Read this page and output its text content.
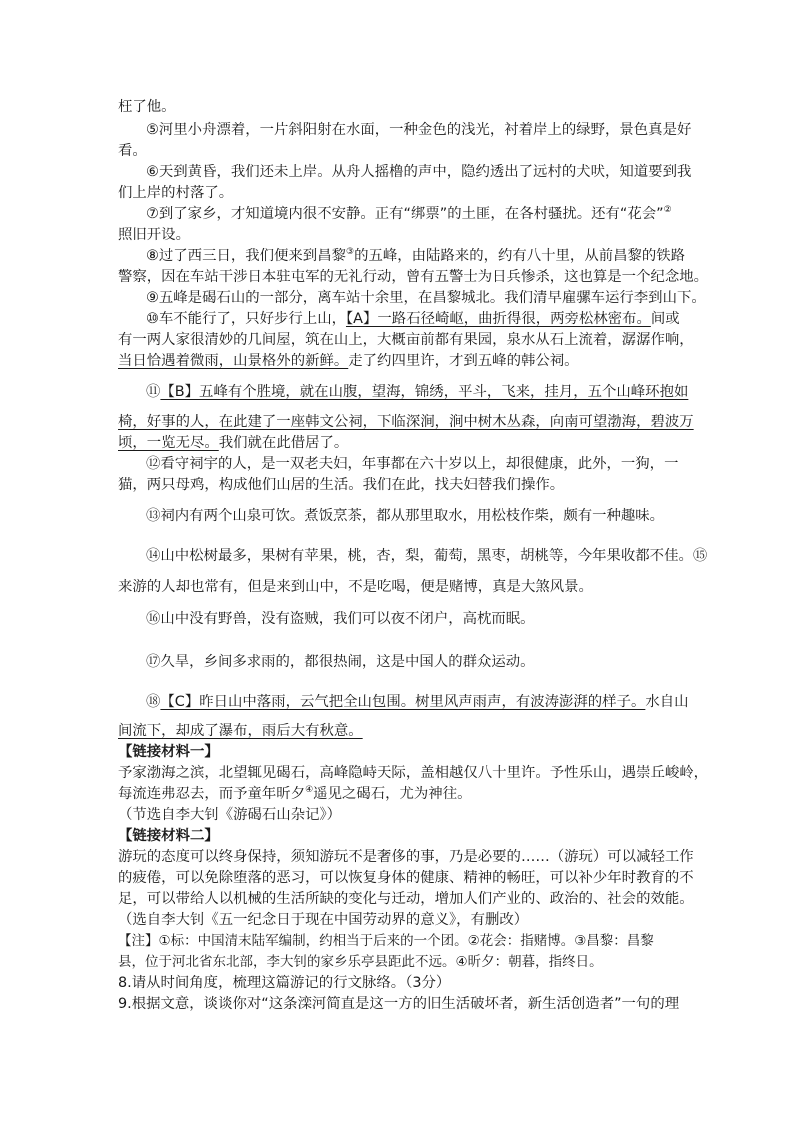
枉了他。
⑤河里小舟漂着，一片斜阳射在水面，一种金色的浅光，衬着岸上的绿野，景色真是好
看。
⑥天到黄昏，我们还未上岸。从舟人摇橹的声中，隐约透出了远村的犬吠，知道要到我
们上岸的村落了。
⑦到了家乡，才知道境内很不安静。正有“绑票”的土匪，在各村骚扰。还有“花会”②
照旧开设。
⑧过了西三日，我们便来到昌黎③的五峰，由陆路来的，约有八十里，从前昌黎的铁路
警察，因在车站干涉日本驻屯军的无礼行动，曾有五警士为日兵惨杀，这也算是一个纪念地。
⑨五峰是碣石山的一部分，离车站十余里，在昌黎城北。我们清早雇骡车运行李到山下。
⑩车不能行了，只好步行上山，【A】一路石径崎岖，曲折得很，两旁松林密布。间或
有一两人家很清妙的几间屋，筑在山上，大概亩前都有果园，泉水从石上流着，潺潺作响，
当日恰遇着微雨，山景格外的新鲜。走了约四里许，才到五峰的韩公祠。
⑪【B】五峰有个胜境，就在山腹，望海，锦绣，平斗，飞来，挂月，五个山峰环抱如
椅，好事的人，在此建了一座韩文公祠，下临深涧，涧中树木丛森，向南可望渤海，碧波万
顷，一览无尽。我们就在此借居了。
⑫看守祠宇的人，是一双老夫妇，年事都在六十岁以上，却很健康，此外，一狗，一
猫，两只母鸡，构成他们山居的生活。我们在此，找夫妇替我们操作。
⑬祠内有两个山泉可饮。煮饭烹茶，都从那里取水，用松枝作柴，颇有一种趣味。
⑭山中松树最多，果树有苹果，桃，杏，梨，葡萄，黑枣，胡桃等，今年果收都不佳。⑮
来游的人却也常有，但是来到山中，不是吃喝，便是赌博，真是大煞风景。
⑯山中没有野兽，没有盗贼，我们可以夜不闭户，高枕而眠。
⑰久旱，乡间多求雨的，都很热闹，这是中国人的群众运动。
⑱【C】昨日山中落雨，云气把全山包围。树里风声雨声，有波涛澎湃的样子。水自山
间流下，却成了瀑布，雨后大有秋意。
【链接材料一】
予家渤海之滨，北望辄见碣石，高峰隐峙天际，盖相越仅八十里许。予性乐山，遇崇丘峻岭，
每流连弗忍去，而予童年昕夕④遥见之碣石，尤为神往。
（节选自李大钊《游碣石山杂记》）
【链接材料二】
游玩的态度可以终身保持，须知游玩不是奢侈的事，乃是必要的……（游玩）可以减轻工作
的疲倦，可以免除堕落的恶习，可以恢复身体的健康、精神的畅旺，可以补少年时教育的不
足，可以带给人以机械的生活所缺的变化与迁动，增加人们产业的、政治的、社会的效能。
（选自李大钊《五一纪念日于现在中国劳动界的意义》，有删改）
【注】①标：中国清末陆军编制，约相当于后来的一个团。②花会：指赌博。③昌黎：昌黎
县，位于河北省东北部，李大钊的家乡乐亭县距此不远。④昕夕：朝暮，指终日。
8.请从时间角度，梳理这篇游记的行文脉络。（3分）
9.根据文意，谈谈你对“这条滦河简直是这一方的旧生活破坏者，新生活创造者”一句的理
